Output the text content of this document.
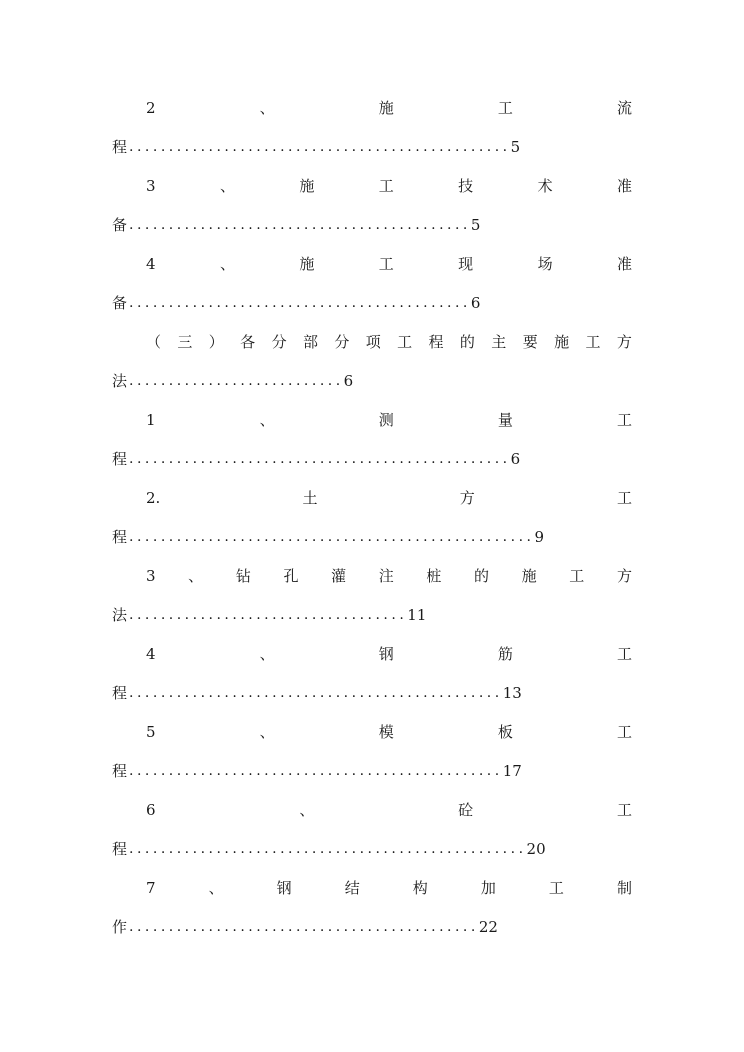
2	、	施	工	流
程 ................................................ 5
3	、	施	工	技	术	准
备 ........................................... 5
4	、	施	工	现	场	准
备 ........................................... 6
（ 三 ） 各 分 部 分 项 工 程 的 主 要 施 工 方
法 ........................... 6
1	、	测	量	工
程 ................................................ 6
2.	土	方	工
程 ................................................... 9
3 、 钻 孔 灌 注 桩 的 施 工 方
法 ................................... 11
4	、	钢	筋	工
程 ............................................... 13
5	、	模	板	工
程 ............................................... 17
6	、	砼	工
程 .................................................. 20
7	、	钢	结	构	加	工	制
作 ............................................ 22
